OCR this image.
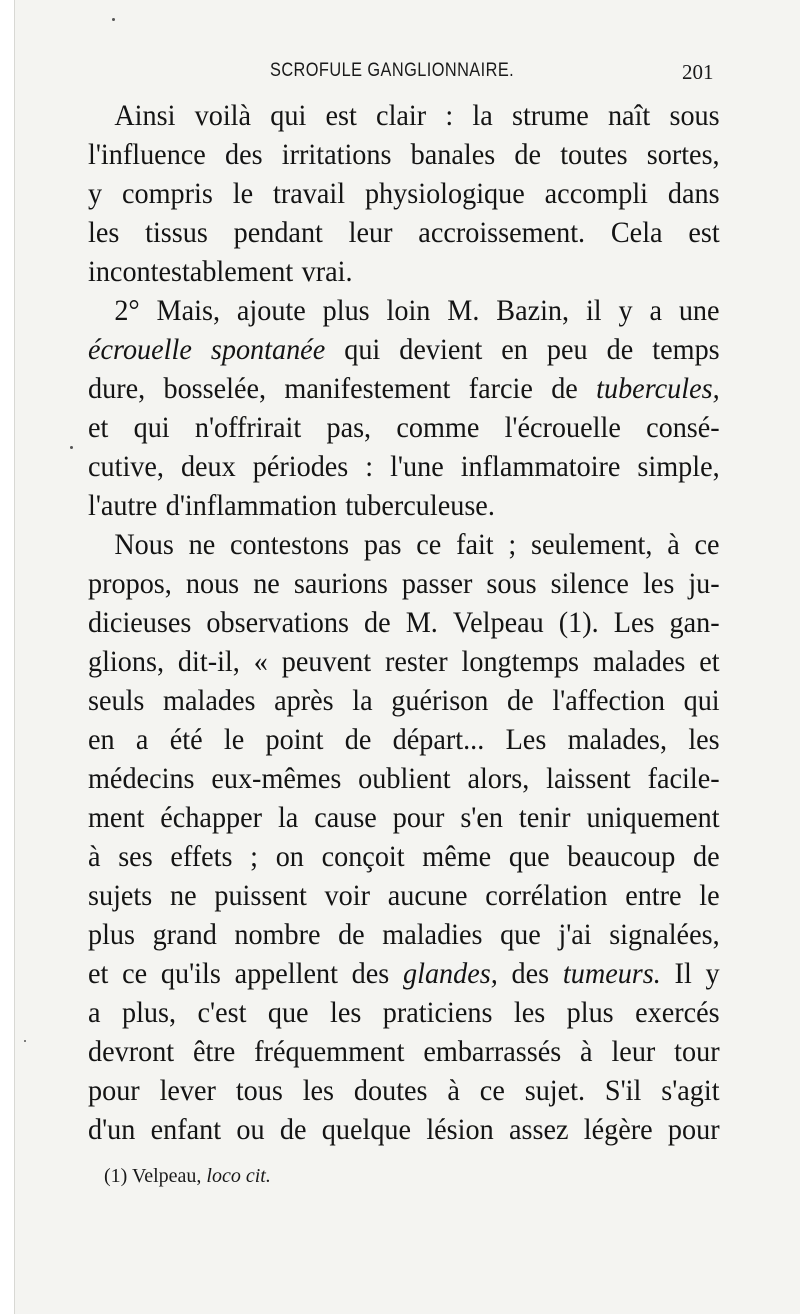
SCROFULE GANGLIONNAIRE.	201
Ainsi voilà qui est clair : la strume naît sous
l'influence des irritations banales de toutes sortes,
y compris le travail physiologique accompli dans
les tissus pendant leur accroissement. Cela est
incontestablement vrai.
2° Mais, ajoute plus loin M. Bazin, il y a une
écrouelle spontanée qui devient en peu de temps
dure, bosselée, manifestement farcie de tubercules,
et qui n'offrirait pas, comme l'écrouelle consé-
cutive, deux périodes : l'une inflammatoire simple,
l'autre d'inflammation tuberculeuse.
Nous ne contestons pas ce fait ; seulement, à ce
propos, nous ne saurions passer sous silence les ju-
dicieuses observations de M. Velpeau (1). Les gan-
glions, dit-il, « peuvent rester longtemps malades et
seuls malades après la guérison de l'affection qui
en a été le point de départ... Les malades, les
médecins eux-mêmes oublient alors, laissent facile-
ment échapper la cause pour s'en tenir uniquement
à ses effets ; on conçoit même que beaucoup de
sujets ne puissent voir aucune corrélation entre le
plus grand nombre de maladies que j'ai signalées,
et ce qu'ils appellent des glandes, des tumeurs. Il y
a plus, c'est que les praticiens les plus exercés
devront être fréquemment embarrassés à leur tour
pour lever tous les doutes à ce sujet. S'il s'agit
d'un enfant ou de quelque lésion assez légère pour
(1) Velpeau, loco cit.
